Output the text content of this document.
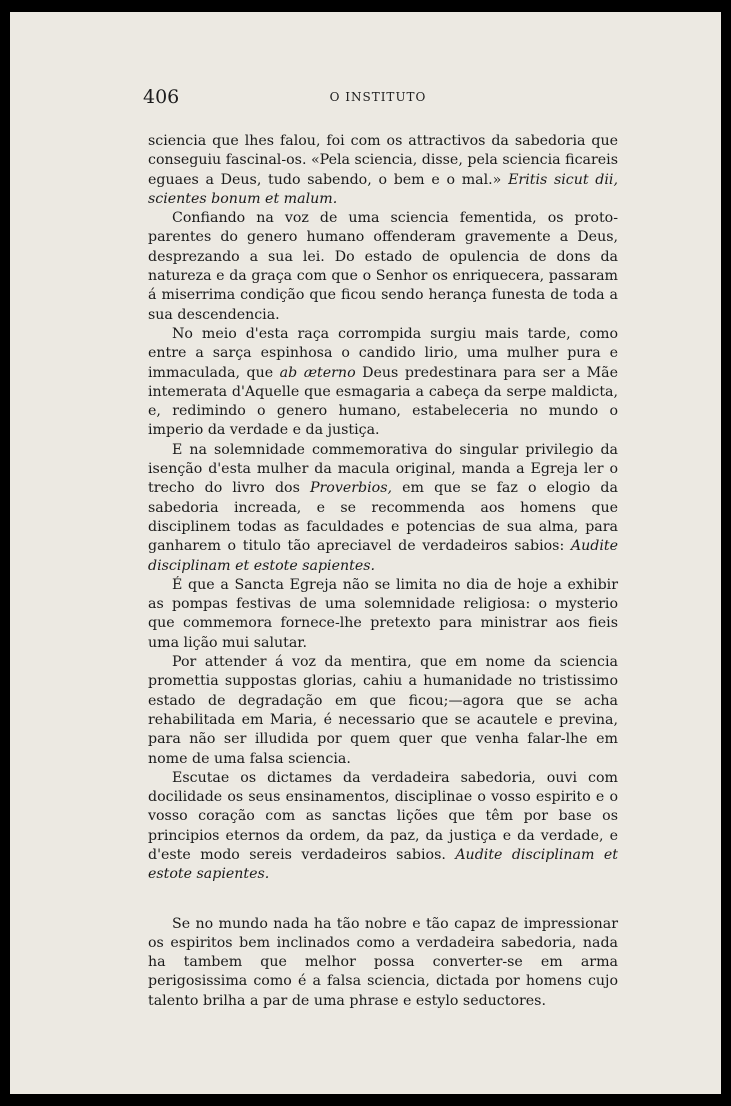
406	O INSTITUTO

sciencia que lhes falou, foi com os attractivos da sabedoria que conseguiu fascinal-os. «Pela sciencia, disse, pela sciencia ficareis eguaes a Deus, tudo sabendo, o bem e o mal.» Eritis sicut dii, scientes bonum et malum.

Confiando na voz de uma sciencia fementida, os proto-parentes do genero humano offenderam gravemente a Deus, desprezando a sua lei. Do estado de opulencia de dons da natureza e da graça com que o Senhor os enriquecera, passaram á miserrima condição que ficou sendo herança funesta de toda a sua descendencia.

No meio d'esta raça corrompida surgiu mais tarde, como entre a sarça espinhosa o candido lirio, uma mulher pura e immaculada, que ab æterno Deus predestinara para ser a Mãe intemerata d'Aquelle que esmagaria a cabeça da serpe maldicta, e, redimindo o genero humano, estabeleceria no mundo o imperio da verdade e da justiça.

E na solemnidade commemorativa do singular privilegio da isenção d'esta mulher da macula original, manda a Egreja ler o trecho do livro dos Proverbios, em que se faz o elogio da sabedoria increada, e se recommenda aos homens que disciplinem todas as faculdades e potencias de sua alma, para ganharem o titulo tão apreciavel de verdadeiros sabios: Audite disciplinam et estote sapientes.

É que a Sancta Egreja não se limita no dia de hoje a exhibir as pompas festivas de uma solemnidade religiosa: o mysterio que commemora fornece-lhe pretexto para ministrar aos fieis uma lição mui salutar.

Por attender á voz da mentira, que em nome da sciencia promettia suppostas glorias, cahiu a humanidade no tristissimo estado de degradação em que ficou;—agora que se acha rehabilitada em Maria, é necessario que se acautele e previna, para não ser illudida por quem quer que venha falar-lhe em nome de uma falsa sciencia.

Escutae os dictames da verdadeira sabedoria, ouvi com docilidade os seus ensinamentos, disciplinae o vosso espirito e o vosso coração com as sanctas lições que têm por base os principios eternos da ordem, da paz, da justiça e da verdade, e d'este modo sereis verdadeiros sabios. Audite disciplinam et estote sapientes.

Se no mundo nada ha tão nobre e tão capaz de impressionar os espiritos bem inclinados como a verdadeira sabedoria, nada ha tambem que melhor possa converter-se em arma perigosissima como é a falsa sciencia, dictada por homens cujo talento brilha a par de uma phrase e estylo seductores.
